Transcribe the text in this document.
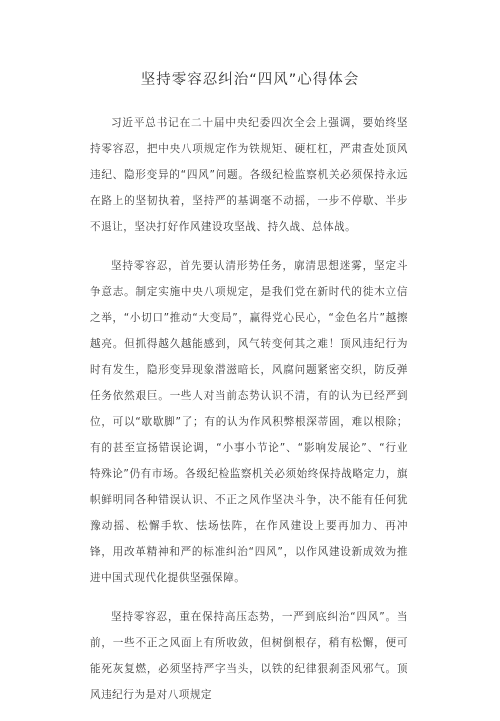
坚持零容忍纠治“四风”心得体会

习近平总书记在二十届中央纪委四次全会上强调，要始终坚持零容忍，把中央八项规定作为铁规矩、硬杠杠，严肃查处顶风违纪、隐形变异的“四风”问题。各级纪检监察机关必须保持永远在路上的坚韧执着，坚持严的基调毫不动摇，一步不停歇、半步不退让，坚决打好作风建设攻坚战、持久战、总体战。

坚持零容忍，首先要认清形势任务，廓清思想迷雾，坚定斗争意志。制定实施中央八项规定，是我们党在新时代的徙木立信之举，“小切口”推动“大变局”，赢得党心民心，“金色名片”越擦越亮。但抓得越久越能感到，风气转变何其之难！顶风违纪行为时有发生，隐形变异现象潜滋暗长，风腐问题紧密交织，防反弹任务依然艰巨。一些人对当前态势认识不清，有的认为已经严到位，可以“歇歇脚”了；有的认为作风积弊根深蒂固，难以根除；有的甚至宣扬错误论调，“小事小节论”、“影响发展论”、“行业特殊论”仍有市场。各级纪检监察机关必须始终保持战略定力，旗帜鲜明同各种错误认识、不正之风作坚决斗争，决不能有任何犹豫动摇、松懈手软、怯场怯阵，在作风建设上要再加力、再冲锋，用改革精神和严的标准纠治“四风”，以作风建设新成效为推进中国式现代化提供坚强保障。

坚持零容忍，重在保持高压态势，一严到底纠治“四风”。当前，一些不正之风面上有所收敛，但树倒根存，稍有松懈，便可能死灰复燃，必须坚持严字当头，以铁的纪律狠刹歪风邪气。顶风违纪行为是对八项规定
